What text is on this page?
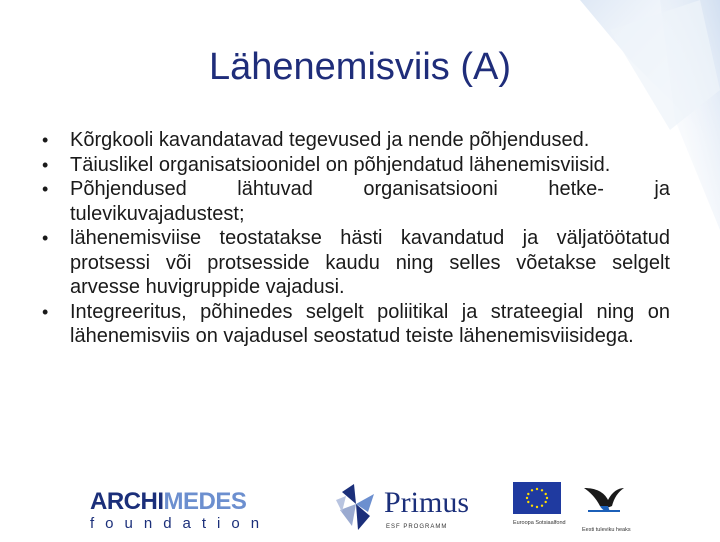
Lähenemisviis (A)
• Kõrgkooli kavandatavad tegevused ja nende põhjendused.
• Täiuslikel organisatsioonidel on põhjendatud lähenemisviisid.
• Põhjendused lähtuvad organisatsiooni hetke- ja tulevikuvajadustest;
• lähenemisviise teostatakse hästi kavandatud ja väljatöötatud protsessi või protsesside kaudu ning selles võetakse selgelt arvesse huvigruppide vajadusi.
• Integreeritus, põhinedes selgelt poliitikal ja strateegial ning on lähenemisviis on vajadusel seostatud teiste lähenemisviisidega.
ARCHIMEDES
foundation
Primus
ESF PROGRAMM
Euroopa Sotsiaalfond
Eesti tuleviku heaks
